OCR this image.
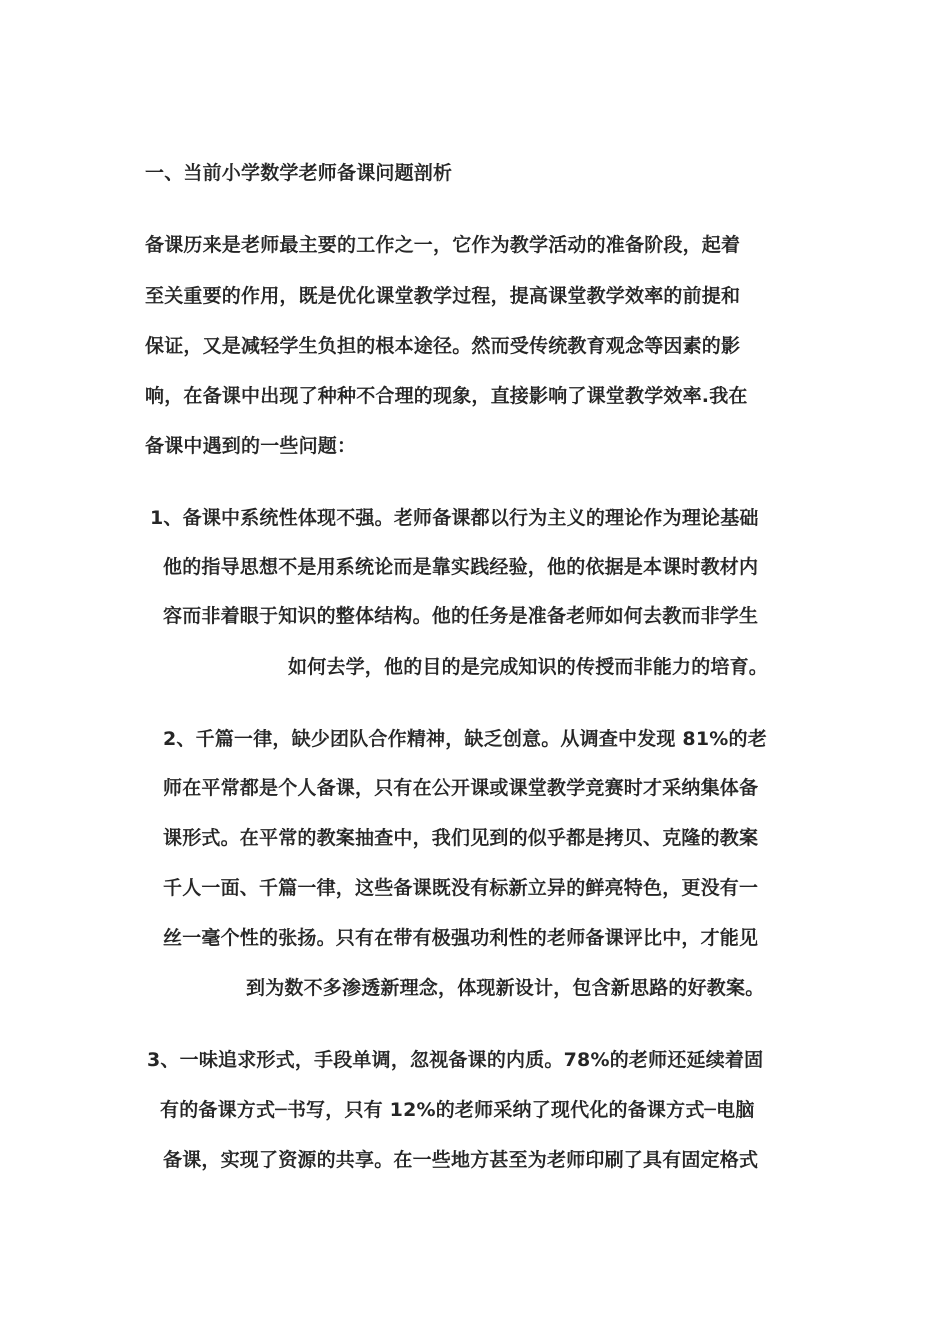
一、当前小学数学老师备课问题剖析
备课历来是老师最主要的工作之一，它作为教学活动的准备阶段，起着
至关重要的作用，既是优化课堂教学过程，提高课堂教学效率的前提和
保证，又是减轻学生负担的根本途径。然而受传统教育观念等因素的影
响，在备课中出现了种种不合理的现象，直接影响了课堂教学效率.我在
备课中遇到的一些问题：
1、备课中系统性体现不强。老师备课都以行为主义的理论作为理论基础
他的指导思想不是用系统论而是靠实践经验，他的依据是本课时教材内
容而非着眼于知识的整体结构。他的任务是准备老师如何去教而非学生
如何去学，他的目的是完成知识的传授而非能力的培育。
2、千篇一律，缺少团队合作精神，缺乏创意。从调查中发现 81%的老
师在平常都是个人备课，只有在公开课或课堂教学竞赛时才采纳集体备
课形式。在平常的教案抽查中，我们见到的似乎都是拷贝、克隆的教案
千人一面、千篇一律，这些备课既没有标新立异的鲜亮特色，更没有一
丝一毫个性的张扬。只有在带有极强功利性的老师备课评比中，才能见
到为数不多渗透新理念，体现新设计，包含新思路的好教案。
3、一味追求形式，手段单调，忽视备课的内质。78%的老师还延续着固
有的备课方式─书写，只有 12%的老师采纳了现代化的备课方式─电脑
备课，实现了资源的共享。在一些地方甚至为老师印刷了具有固定格式
